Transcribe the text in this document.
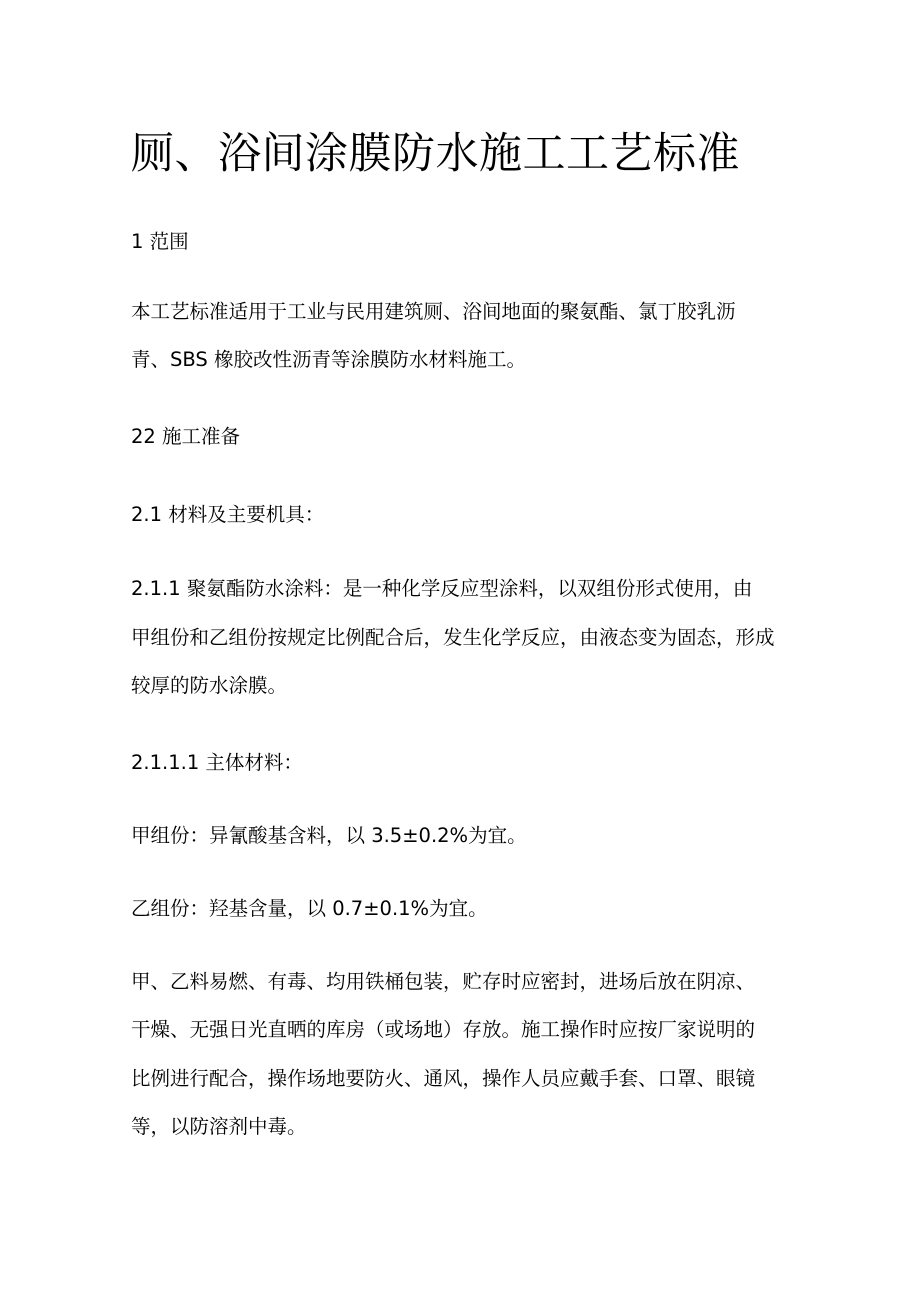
厕、浴间涂膜防水施工工艺标准

1 范围

本工艺标准适用于工业与民用建筑厕、浴间地面的聚氨酯、氯丁胶乳沥

青、SBS 橡胶改性沥青等涂膜防水材料施工。

22 施工准备

2.1 材料及主要机具：

2.1.1 聚氨酯防水涂料：是一种化学反应型涂料，以双组份形式使用，由

甲组份和乙组份按规定比例配合后，发生化学反应，由液态变为固态，形成

较厚的防水涂膜。

2.1.1.1 主体材料：

甲组份：异氰酸基含料，以 3.5±0.2%为宜。

乙组份：羟基含量，以 0.7±0.1%为宜。

甲、乙料易燃、有毒、均用铁桶包装，贮存时应密封，进场后放在阴凉、

干燥、无强日光直晒的库房（或场地）存放。施工操作时应按厂家说明的

比例进行配合，操作场地要防火、通风，操作人员应戴手套、口罩、眼镜

等，以防溶剂中毒。
